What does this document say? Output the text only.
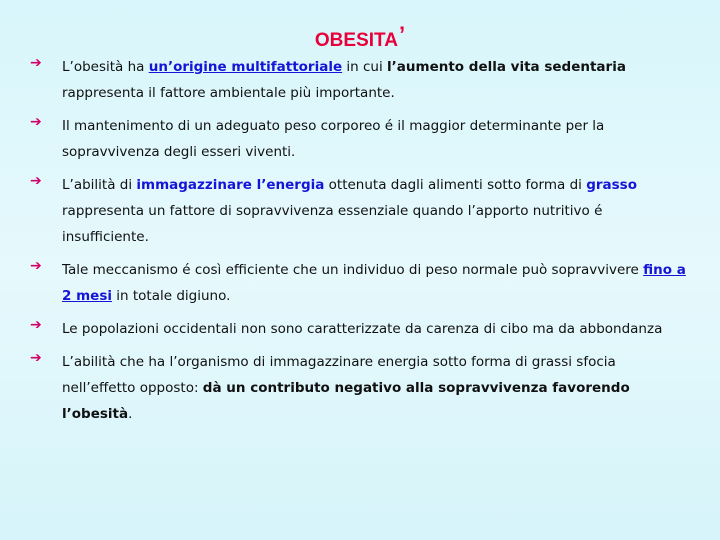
OBESITA’
➔ L’obesità ha un’origine multifattoriale in cui l’aumento della vita sedentaria rappresenta il fattore ambientale più importante.

➔ Il mantenimento di un adeguato peso corporeo é il maggior determinante per la sopravvivenza degli esseri viventi.

➔ L’abilità di immagazzinare l’energia ottenuta dagli alimenti sotto forma di grasso rappresenta un fattore di sopravvivenza essenziale quando l’apporto nutritivo é insufficiente.

➔ Tale meccanismo é così efficiente che un individuo di peso normale può sopravvivere fino a 2 mesi in totale digiuno.

➔ Le popolazioni occidentali non sono caratterizzate da carenza di cibo ma da abbondanza

➔ L’abilità che ha l’organismo di immagazzinare energia sotto forma di grassi sfocia nell’effetto opposto: dà un contributo negativo alla sopravvivenza favorendo l’obesità.
